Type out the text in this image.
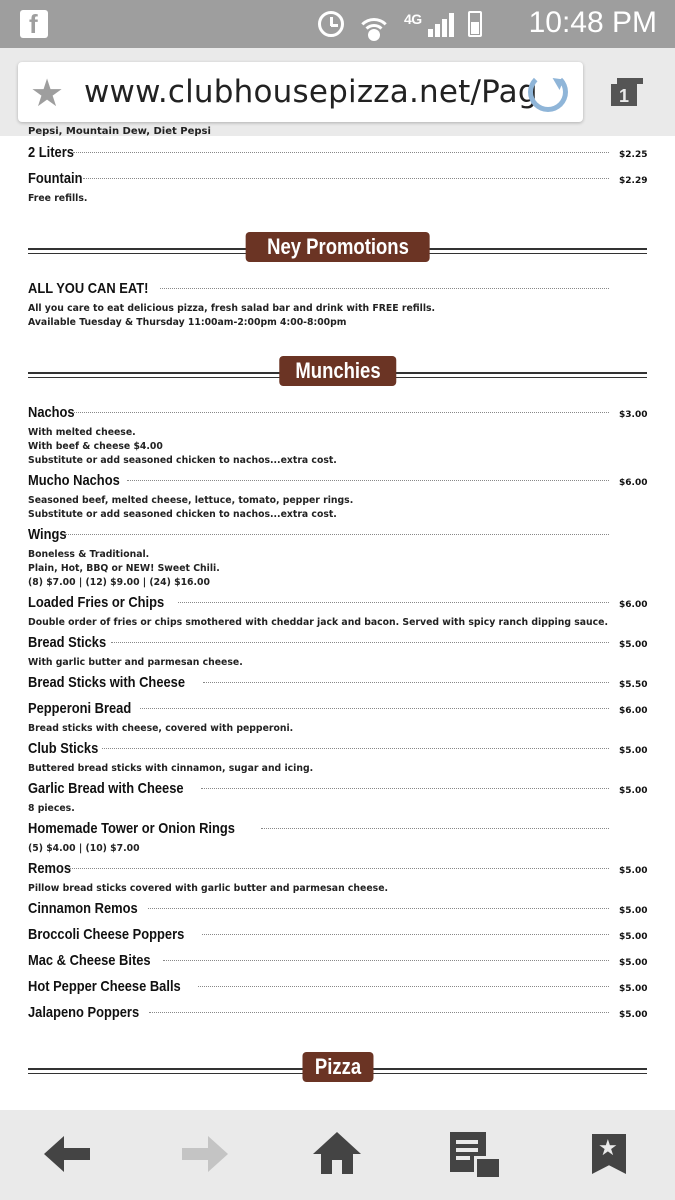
f
4G	10:48 PM
★ www.clubhousepizza.net/Pag	1
Pepsi, Mountain Dew, Diet Pepsi
2 Liters	$2.25
Fountain	$2.29
Free refills.
Ney Promotions
ALL YOU CAN EAT!
All you care to eat delicious pizza, fresh salad bar and drink with FREE refills.
Available Tuesday & Thursday 11:00am-2:00pm 4:00-8:00pm
Munchies
Nachos	$3.00
With melted cheese.
With beef & cheese $4.00
Substitute or add seasoned chicken to nachos...extra cost.
Mucho Nachos	$6.00
Seasoned beef, melted cheese, lettuce, tomato, pepper rings.
Substitute or add seasoned chicken to nachos...extra cost.
Wings
Boneless & Traditional.
Plain, Hot, BBQ or NEW! Sweet Chili.
(8) $7.00 | (12) $9.00 | (24) $16.00
Loaded Fries or Chips	$6.00
Double order of fries or chips smothered with cheddar jack and bacon. Served with spicy ranch dipping sauce.
Bread Sticks	$5.00
With garlic butter and parmesan cheese.
Bread Sticks with Cheese	$5.50
Pepperoni Bread	$6.00
Bread sticks with cheese, covered with pepperoni.
Club Sticks	$5.00
Buttered bread sticks with cinnamon, sugar and icing.
Garlic Bread with Cheese	$5.00
8 pieces.
Homemade Tower or Onion Rings
(5) $4.00 | (10) $7.00
Remos	$5.00
Pillow bread sticks covered with garlic butter and parmesan cheese.
Cinnamon Remos	$5.00
Broccoli Cheese Poppers	$5.00
Mac & Cheese Bites	$5.00
Hot Pepper Cheese Balls	$5.00
Jalapeno Poppers	$5.00
Pizza
★
